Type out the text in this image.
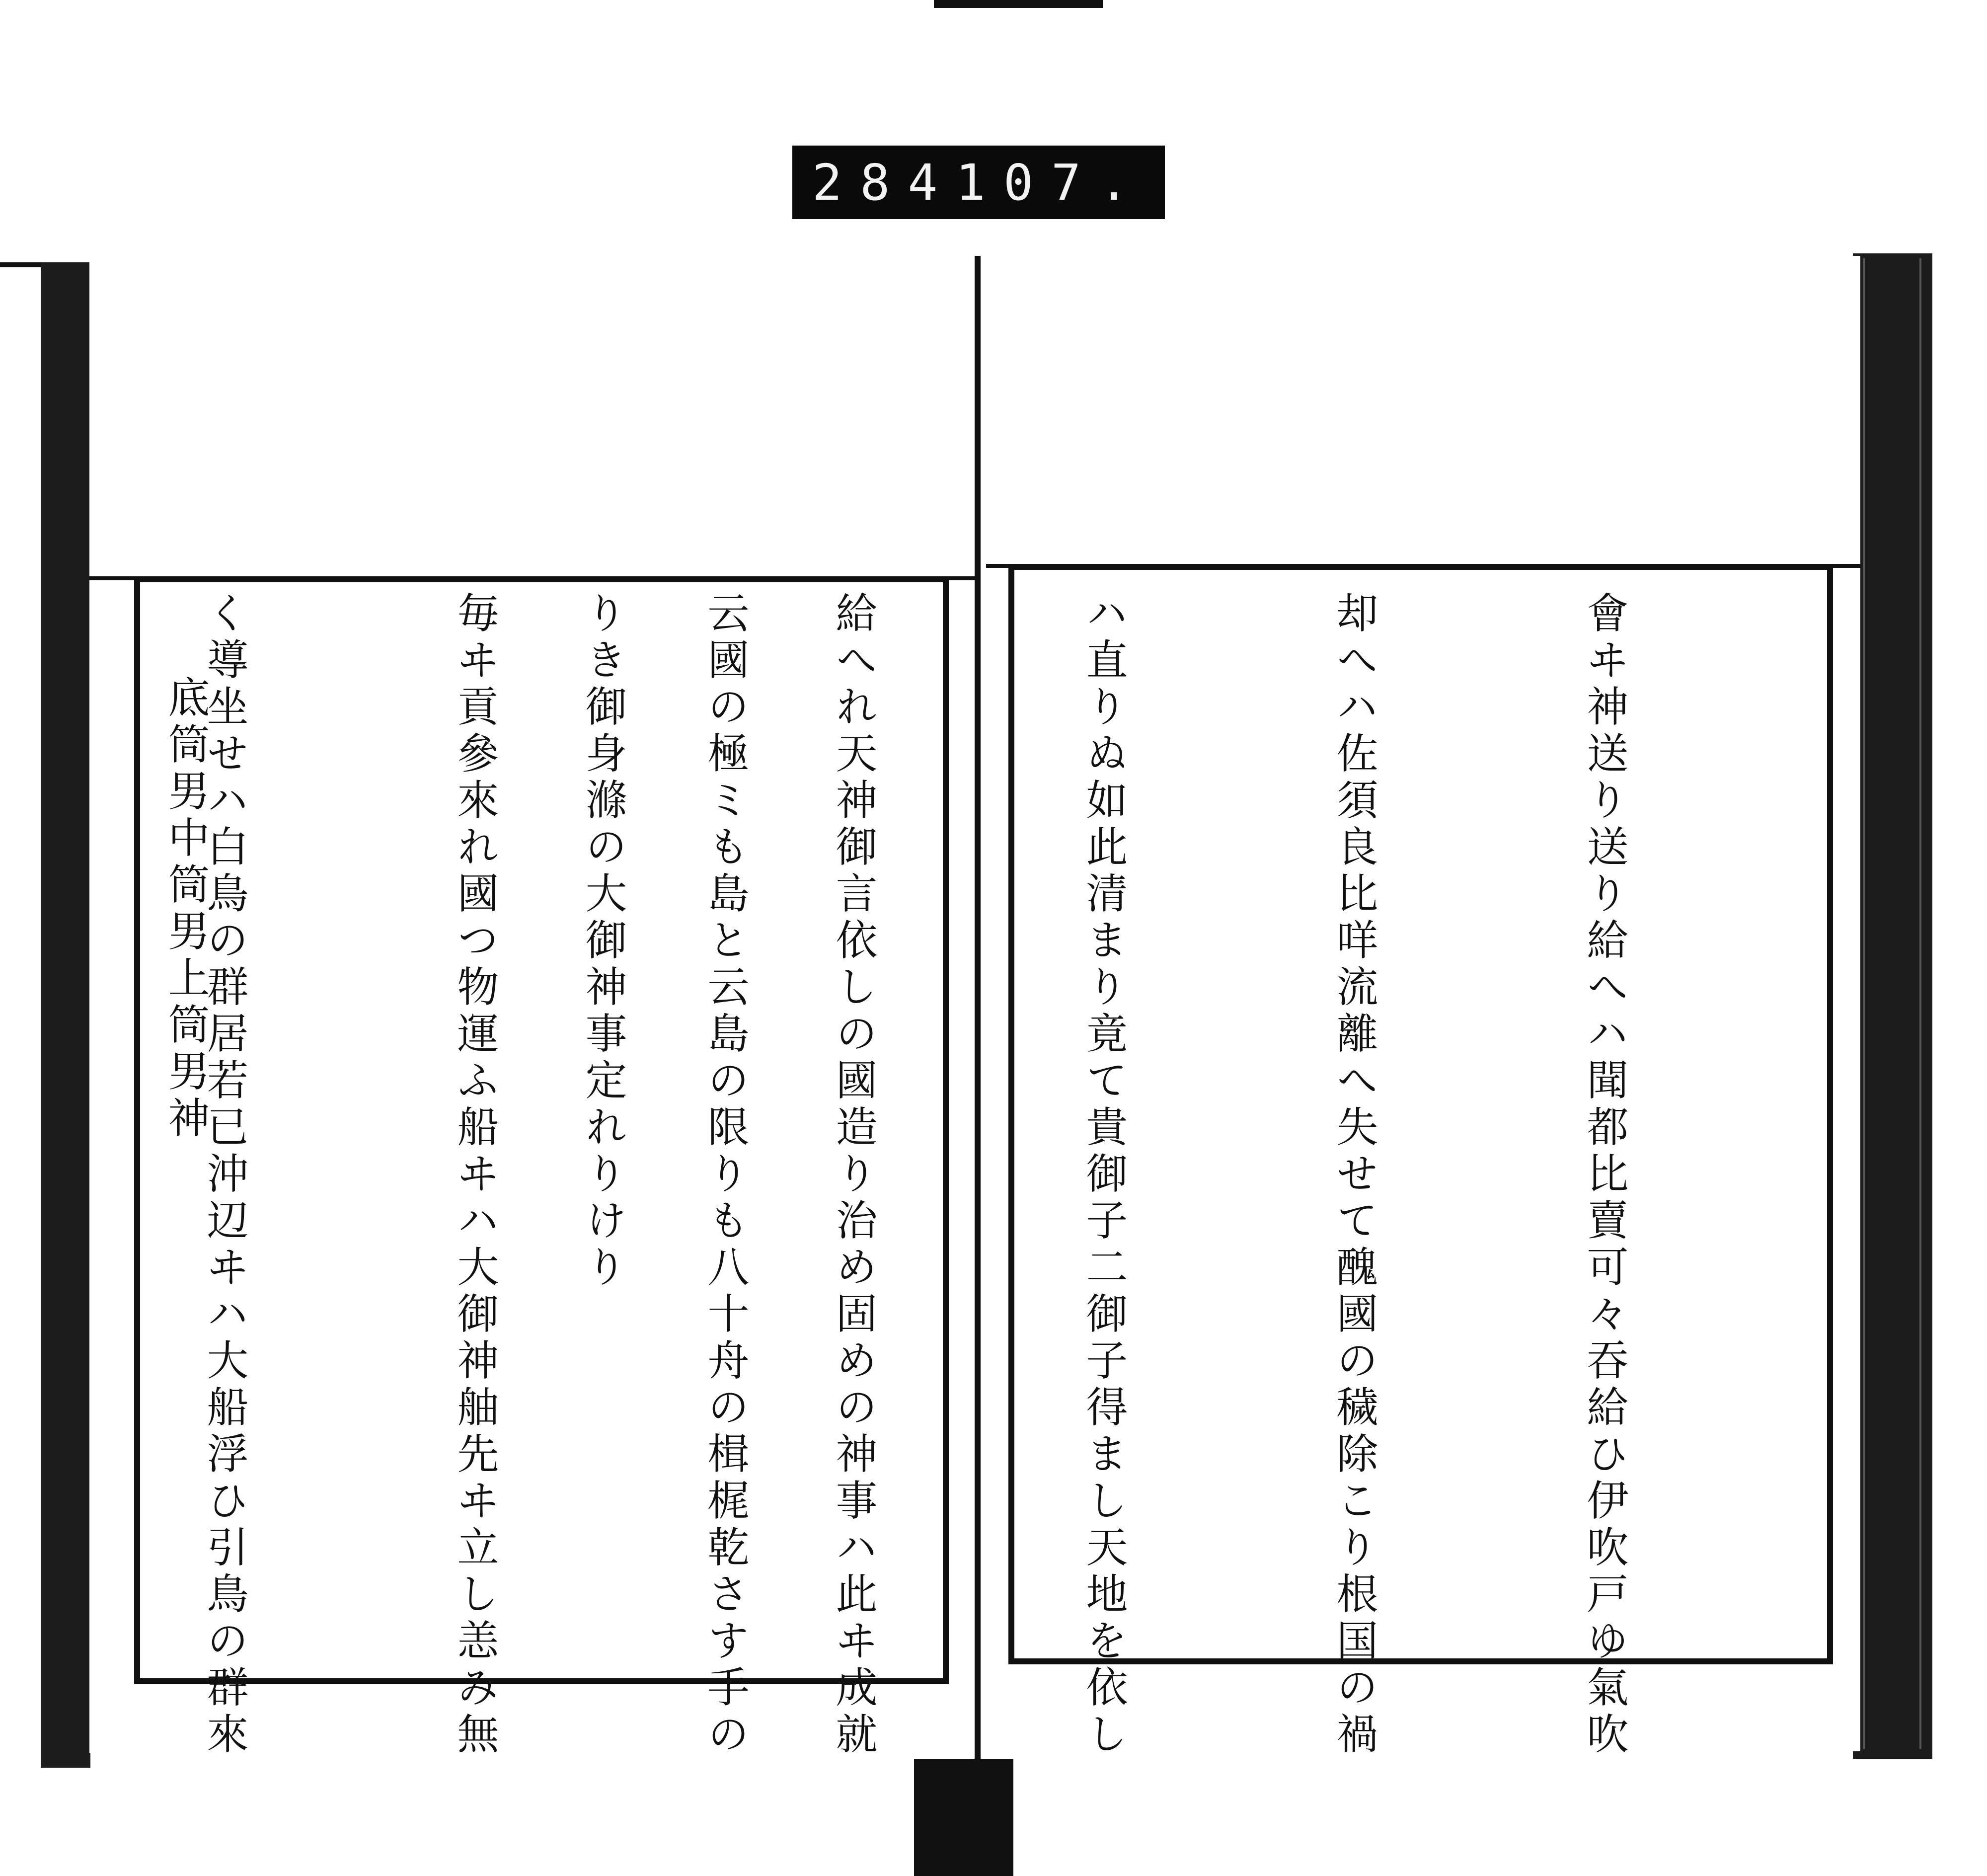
284 107.

會ヰ神送り送り給へハ聞都比賣可々吞給ひ伊吹戸ゆ氣吹

却へハ佐須良比咩流離へ失せて醜國の穢除こり根国の禍

ハ直りぬ如此清まり竟て貴御子二御子得まし天地を依し

給へれ天神御言依しの國造り治め固めの神事ハ此ヰ成就

りき御身滌の大御神事定れりけり

底筒男中筒男上筒男神

	云國の極ミも島と云島の限りも八十舟の楫梶乾さす手の

毎ヰ貢參來れ國つ物運ふ船ヰハ大御神舳先ヰ立し恙み無

く導坐せハ白鳥の群居若已沖辺ヰハ大船浮ひ引鳥の群來
